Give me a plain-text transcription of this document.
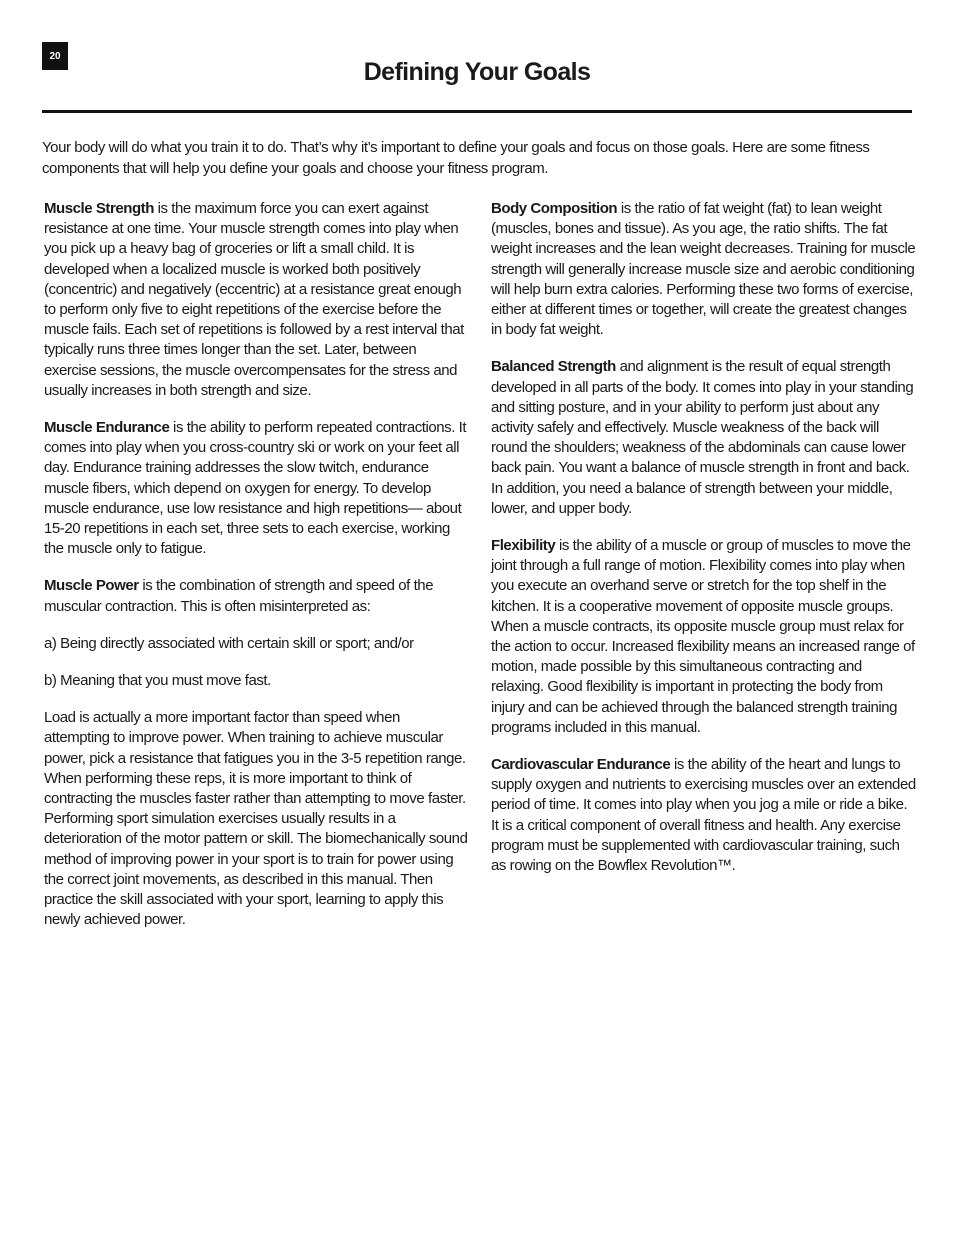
20
Defining Your Goals

Your body will do what you train it to do. That’s why it’s important to define your goals and focus on those goals. Here are some fitness components that will help you define your goals and choose your fitness program.

Muscle Strength is the maximum force you can exert against resistance at one time. Your muscle strength comes into play when you pick up a heavy bag of groceries or lift a small child. It is developed when a localized muscle is worked both positively (concentric) and negatively (eccentric) at a resistance great enough to perform only five to eight repetitions of the exercise before the muscle fails. Each set of repetitions is followed by a rest interval that typically runs three times longer than the set. Later, between exercise sessions, the muscle overcompensates for the stress and usually increases in both strength and size.

Muscle Endurance is the ability to perform repeated contractions. It comes into play when you cross-country ski or work on your feet all day. Endurance training addresses the slow twitch, endurance muscle fibers, which depend on oxygen for energy. To develop muscle endurance, use low resistance and high repetitions— about 15-20 repetitions in each set, three sets to each exercise, working the muscle only to fatigue.

Muscle Power is the combination of strength and speed of the muscular contraction. This is often misinterpreted as:

a) Being directly associated with certain skill or sport; and/or

b) Meaning that you must move fast.

Load is actually a more important factor than speed when attempting to improve power. When training to achieve muscular power, pick a resistance that fatigues you in the 3-5 repetition range. When performing these reps, it is more important to think of contracting the muscles faster rather than attempting to move faster. Performing sport simulation exercises usually results in a deterioration of the motor pattern or skill. The biomechanically sound method of improving power in your sport is to train for power using the correct joint movements, as described in this manual. Then practice the skill associated with your sport, learning to apply this newly achieved power.

Body Composition is the ratio of fat weight (fat) to lean weight (muscles, bones and tissue). As you age, the ratio shifts. The fat weight increases and the lean weight decreases. Training for muscle strength will generally increase muscle size and aerobic conditioning will help burn extra calories. Performing these two forms of exercise, either at different times or together, will create the greatest changes in body fat weight.

Balanced Strength and alignment is the result of equal strength developed in all parts of the body. It comes into play in your standing and sitting posture, and in your ability to perform just about any activity safely and effectively. Muscle weakness of the back will round the shoulders; weakness of the abdominals can cause lower back pain. You want a balance of muscle strength in front and back. In addition, you need a balance of strength between your middle, lower, and upper body.

Flexibility is the ability of a muscle or group of muscles to move the joint through a full range of motion. Flexibility comes into play when you execute an overhand serve or stretch for the top shelf in the kitchen. It is a cooperative movement of opposite muscle groups. When a muscle contracts, its opposite muscle group must relax for the action to occur. Increased flexibility means an increased range of motion, made possible by this simultaneous contracting and relaxing. Good flexibility is important in protecting the body from injury and can be achieved through the balanced strength training programs included in this manual.

Cardiovascular Endurance is the ability of the heart and lungs to supply oxygen and nutrients to exercising muscles over an extended period of time. It comes into play when you jog a mile or ride a bike. It is a critical component of overall fitness and health. Any exercise program must be supplemented with cardiovascular training, such as rowing on the Bowflex Revolution™.
